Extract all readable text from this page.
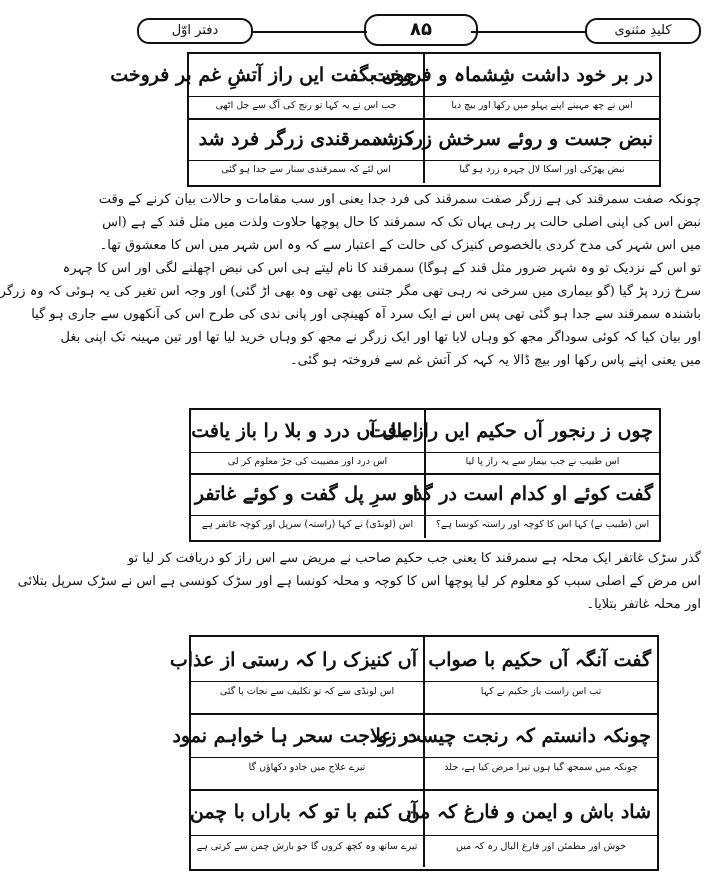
کلیدِ مثنوی
۸۵
دفتر اوّل
در بر خود داشت شِشماہ و فروخت
اس نے چھ مہینے اپنے پہلو میں رکھا اور بیچ دیا
چوں بگفت ایں راز آتشِ غم بر فروخت
جب اس نے یہ کہا تو رنج کی آگ سے جل اٹھی
نبض جست و روئے سرخش زرد شد
نبض پھڑکی اور اسکا لال چہرہ زرد ہو گیا
کز سمرقندی زرگر فرد شد
اس لئے کہ سمرقندی سنار سے جدا ہو گئی
چونکہ صفت سمرقند کی ہے زرگر صفت سمرقند کی فرد جدا یعنی اور سب مقامات و حالات بیان کرنے کے وقت
نبض اس کی اپنی اصلی حالت پر رہی یہاں تک کہ سمرقند کا حال پوچھا حلاوت ولذت میں مثل قند کے ہے (اس
میں اس شہر کی مدح کردی بالخصوص کنیزک کی حالت کے اعتبار سے کہ وہ اس شہر میں اس کا معشوق تھا۔
تو اس کے نزدیک تو وہ شہر ضرور مثل قند کے ہوگا) سمرقند کا نام لیتے ہی اس کی نبض اچھلنے لگی اور اس کا چہرہ
سرخ زرد پڑ گیا (گو بیماری میں سرخی نہ رہی تھی مگر جتنی بھی تھی وہ بھی اڑ گئی) اور وجہ اس تغیر کی یہ ہوئی کہ وہ زرگر
باشندہ سمرقند سے جدا ہو گئی تھی پس اس نے ایک سرد آہ کھینچی اور پانی ندی کی طرح اس کی آنکھوں سے جاری ہو گیا
اور بیان کیا کہ کوئی سوداگر مجھ کو وہاں لایا تھا اور ایک زرگر نے مجھ کو وہاں خرید لیا تھا اور تین مہینہ تک اپنی بغل
میں یعنی اپنے پاس رکھا اور بیچ ڈالا یہ کہہ کر آتش غم سے فروختہ ہو گئی۔
چوں ز رنجور آں حکیم ایں راز یافت
اس طبیب نے جب بیمار سے یہ راز پا لیا
اصل آں درد و بلا را باز یافت
اس درد اور مصیبت کی جڑ معلوم کر لی
گفت کوئے او کدام است در گذر
اس (طبیب نے) کہا اس کا کوچہ اور راستہ کونسا ہے؟
او سرِ پل گفت و کوئے غاتفر
اس (لونڈی) نے کہا (راستہ) سرپل اور کوچہ غاتفر ہے
گذر سڑک غاتفر ایک محلہ ہے سمرقند کا یعنی جب حکیم صاحب نے مریض سے اس راز کو دریافت کر لیا تو
اس مرض کے اصلی سبب کو معلوم کر لیا پوچھا اس کا کوچہ و محلہ کونسا ہے اور سڑک کونسی ہے اس نے سڑک سرپل بتلائی
اور محلہ غاتفر بتلایا۔
گفت آنگہ آں حکیم با صواب
تب اس راست باز حکیم نے کہا
آں کنیزک را کہ رستی از عذاب
اس لونڈی سے کہ تو تکلیف سے نجات پا گئی
چونکہ دانستم کہ رنجت چیست زود
چونکہ میں سمجھ گیا ہوں تیرا مرض کیا ہے، جلد
در علاجت سحر ہا خواہم نمود
تیرے علاج میں جادو دکھاؤں گا
شاد باش و ایمن و فارغ کہ من
خوش اور مطمئن اور فارغ البال رہ کہ میں
آں کنم با تو کہ باراں با چمن
تیرے ساتھ وہ کچھ کروں گا جو بارش چمن سے کرتی ہے
